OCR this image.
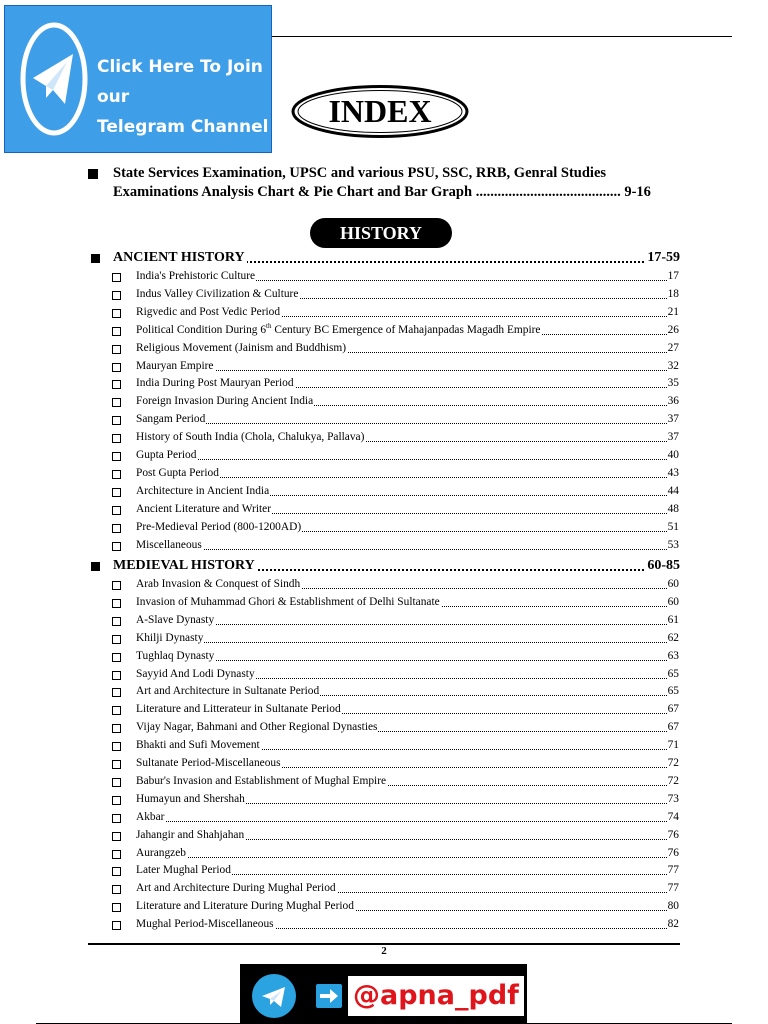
Click Here To Join our
Telegram Channel	INDEX
State Services Examination, UPSC and various PSU, SSC, RRB, Genral Studies
Examinations Analysis Chart & Pie Chart and Bar Graph ........................................ 9-16
HISTORY
ANCIENT HISTORY	17-59
India's Prehistoric Culture	17
Indus Valley Civilization & Culture	18
Rigvedic and Post Vedic Period	21
Political Condition During 6th Century BC Emergence of Mahajanpadas Magadh Empire	26
Religious Movement (Jainism and Buddhism)	27
Mauryan Empire	32
India During Post Mauryan Period	35
Foreign Invasion During Ancient India	36
Sangam Period	37
History of South India (Chola, Chalukya, Pallava)	37
Gupta Period	40
Post Gupta Period	43
Architecture in Ancient India	44
Ancient Literature and Writer	48
Pre-Medieval Period (800-1200AD)	51
Miscellaneous	53
MEDIEVAL HISTORY	60-85
Arab Invasion & Conquest of Sindh	60
Invasion of Muhammad Ghori & Establishment of Delhi Sultanate	60
A-Slave Dynasty	61
Khilji Dynasty	62
Tughlaq Dynasty	63
Sayyid And Lodi Dynasty	65
Art and Architecture in Sultanate Period	65
Literature and Litterateur in Sultanate Period	67
Vijay Nagar, Bahmani and Other Regional Dynasties	67
Bhakti and Sufi Movement	71
Sultanate Period-Miscellaneous	72
Babur's Invasion and Establishment of Mughal Empire	72
Humayun and Shershah	73
Akbar	74
Jahangir and Shahjahan	76
Aurangzeb	76
Later Mughal Period	77
Art and Architecture During Mughal Period	77
Literature and Literature During Mughal Period	80
Mughal Period-Miscellaneous	82
2
@apna_pdf
